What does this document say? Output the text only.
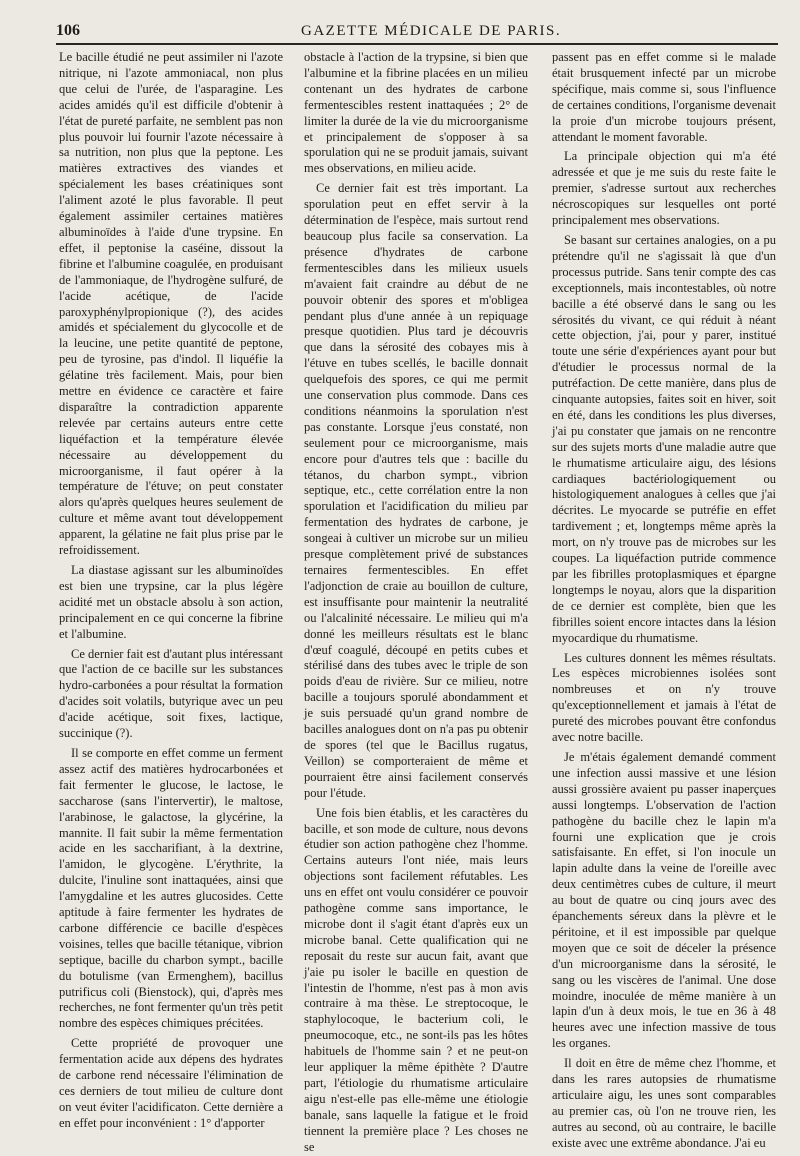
106	GAZETTE MÉDICALE DE PARIS.

Le bacille étudié ne peut assimiler ni l'azote nitrique, ni l'azote ammoniacal, non plus que celui de l'urée, de l'asparagine. Les acides amidés qu'il est difficile d'obtenir à l'état de pureté parfaite, ne semblent pas non plus pouvoir lui fournir l'azote nécessaire à sa nutrition, non plus que la peptone. Les matières extractives des viandes et spécialement les bases créatiniques sont l'aliment azoté le plus favorable. Il peut également assimiler certaines matières albuminoïdes à l'aide d'une trypsine. En effet, il peptonise la caséine, dissout la fibrine et l'albumine coagulée, en produisant de l'ammoniaque, de l'hydrogène sulfuré, de l'acide acétique, de l'acide paroxyphénylpropionique (?), des acides amidés et spécialement du glycocolle et de la leucine, une petite quantité de peptone, peu de tyrosine, pas d'indol. Il liquéfie la gélatine très facilement. Mais, pour bien mettre en évidence ce caractère et faire disparaître la contradiction apparente relevée par certains auteurs entre cette liquéfaction et la température élevée nécessaire au développement du microorganisme, il faut opérer à la température de l'étuve; on peut constater alors qu'après quelques heures seulement de culture et même avant tout développement apparent, la gélatine ne fait plus prise par le refroidissement.

La diastase agissant sur les albuminoïdes est bien une trypsine, car la plus légère acidité met un obstacle absolu à son action, principalement en ce qui concerne la fibrine et l'albumine.

Ce dernier fait est d'autant plus intéressant que l'action de ce bacille sur les substances hydro-carbonées a pour résultat la formation d'acides soit volatils, butyrique avec un peu d'acide acétique, soit fixes, lactique, succinique (?).

Il se comporte en effet comme un ferment assez actif des matières hydrocarbonées et fait fermenter le glucose, le lactose, le saccharose (sans l'intervertir), le maltose, l'arabinose, le galactose, la glycérine, la mannite. Il fait subir la même fermentation acide en les saccharifiant, à la dextrine, l'amidon, le glycogène. L'érythrite, la dulcite, l'inuline sont inattaquées, ainsi que l'amygdaline et les autres glucosides. Cette aptitude à faire fermenter les hydrates de carbone différencie ce bacille d'espèces voisines, telles que bacille tétanique, vibrion septique, bacille du charbon sympt., bacille du botulisme (van Ermenghem), bacillus putrificus coli (Bienstock), qui, d'après mes recherches, ne font fermenter qu'un très petit nombre des espèces chimiques précitées.

Cette propriété de provoquer une fermentation acide aux dépens des hydrates de carbone rend nécessaire l'élimination de ces derniers de tout milieu de culture dont on veut éviter l'acidificaton. Cette dernière a en effet pour inconvénient : 1° d'apporter

obstacle à l'action de la trypsine, si bien que l'albumine et la fibrine placées en un milieu contenant un des hydrates de carbone fermentescibles restent inattaquées ; 2° de limiter la durée de la vie du microorganisme et principalement de s'opposer à sa sporulation qui ne se produit jamais, suivant mes observations, en milieu acide.

Ce dernier fait est très important. La sporulation peut en effet servir à la détermination de l'espèce, mais surtout rend beaucoup plus facile sa conservation. La présence d'hydrates de carbone fermentescibles dans les milieux usuels m'avaient fait craindre au début de ne pouvoir obtenir des spores et m'obligea pendant plus d'une année à un repiquage presque quotidien. Plus tard je découvris que dans la sérosité des cobayes mis à l'étuve en tubes scellés, le bacille donnait quelquefois des spores, ce qui me permit une conservation plus commode. Dans ces conditions néanmoins la sporulation n'est pas constante. Lorsque j'eus constaté, non seulement pour ce microorganisme, mais encore pour d'autres tels que : bacille du tétanos, du charbon sympt., vibrion septique, etc., cette corrélation entre la non sporulation et l'acidification du milieu par fermentation des hydrates de carbone, je songeai à cultiver un microbe sur un milieu presque complètement privé de substances ternaires fermentescibles. En effet l'adjonction de craie au bouillon de culture, est insuffisante pour maintenir la neutralité ou l'alcalinité nécessaire. Le milieu qui m'a donné les meilleurs résultats est le blanc d'œuf coagulé, découpé en petits cubes et stérilisé dans des tubes avec le triple de son poids d'eau de rivière. Sur ce milieu, notre bacille a toujours sporulé abondamment et je suis persuadé qu'un grand nombre de bacilles analogues dont on n'a pas pu obtenir de spores (tel que le Bacillus rugatus, Veillon) se comporteraient de même et pourraient être ainsi facilement conservés pour l'étude.

Une fois bien établis, et les caractères du bacille, et son mode de culture, nous devons étudier son action pathogène chez l'homme. Certains auteurs l'ont niée, mais leurs objections sont facilement réfutables. Les uns en effet ont voulu considérer ce pouvoir pathogène comme sans importance, le microbe dont il s'agit étant d'après eux un microbe banal. Cette qualification qui ne reposait du reste sur aucun fait, avant que j'aie pu isoler le bacille en question de l'intestin de l'homme, n'est pas à mon avis contraire à ma thèse. Le streptocoque, le staphylocoque, le bacterium coli, le pneumocoque, etc., ne sont-ils pas les hôtes habituels de l'homme sain ? et ne peut-on leur appliquer la même épithète ? D'autre part, l'étiologie du rhumatisme articulaire aigu n'est-elle pas elle-même une étiologie banale, sans laquelle la fatigue et le froid tiennent la première place ? Les choses ne se

passent pas en effet comme si le malade était brusquement infecté par un microbe spécifique, mais comme si, sous l'influence de certaines conditions, l'organisme devenait la proie d'un microbe toujours présent, attendant le moment favorable.

La principale objection qui m'a été adressée et que je me suis du reste faite le premier, s'adresse surtout aux recherches nécroscopiques sur lesquelles ont porté principalement mes observations.

Se basant sur certaines analogies, on a pu prétendre qu'il ne s'agissait là que d'un processus putride. Sans tenir compte des cas exceptionnels, mais incontestables, où notre bacille a été observé dans le sang ou les sérosités du vivant, ce qui réduit à néant cette objection, j'ai, pour y parer, institué toute une série d'expériences ayant pour but d'étudier le processus normal de la putréfaction. De cette manière, dans plus de cinquante autopsies, faites soit en hiver, soit en été, dans les conditions les plus diverses, j'ai pu constater que jamais on ne rencontre sur des sujets morts d'une maladie autre que le rhumatisme articulaire aigu, des lésions cardiaques bactériologiquement ou histologiquement analogues à celles que j'ai décrites. Le myocarde se putréfie en effet tardivement ; et, longtemps même après la mort, on n'y trouve pas de microbes sur les coupes. La liquéfaction putride commence par les fibrilles protoplasmiques et épargne longtemps le noyau, alors que la disparition de ce dernier est complète, bien que les fibrilles soient encore intactes dans la lésion myocardique du rhumatisme.

Les cultures donnent les mêmes résultats. Les espèces microbiennes isolées sont nombreuses et on n'y trouve qu'exceptionnellement et jamais à l'état de pureté des microbes pouvant être confondus avec notre bacille.

Je m'étais également demandé comment une infection aussi massive et une lésion aussi grossière avaient pu passer inaperçues aussi longtemps. L'observation de l'action pathogène du bacille chez le lapin m'a fourni une explication que je crois satisfaisante. En effet, si l'on inocule un lapin adulte dans la veine de l'oreille avec deux centimètres cubes de culture, il meurt au bout de quatre ou cinq jours avec des épanchements séreux dans la plèvre et le péritoine, et il est impossible par quelque moyen que ce soit de déceler la présence d'un microorganisme dans la sérosité, le sang ou les viscères de l'animal. Une dose moindre, inoculée de même manière à un lapin d'un à deux mois, le tue en 36 à 48 heures avec une infection massive de tous les organes.

Il doit en être de même chez l'homme, et dans les rares autopsies de rhumatisme articulaire aigu, les unes sont comparables au premier cas, où l'on ne trouve rien, les autres au second, où au contraire, le bacille existe avec une extrême abondance. J'ai eu
